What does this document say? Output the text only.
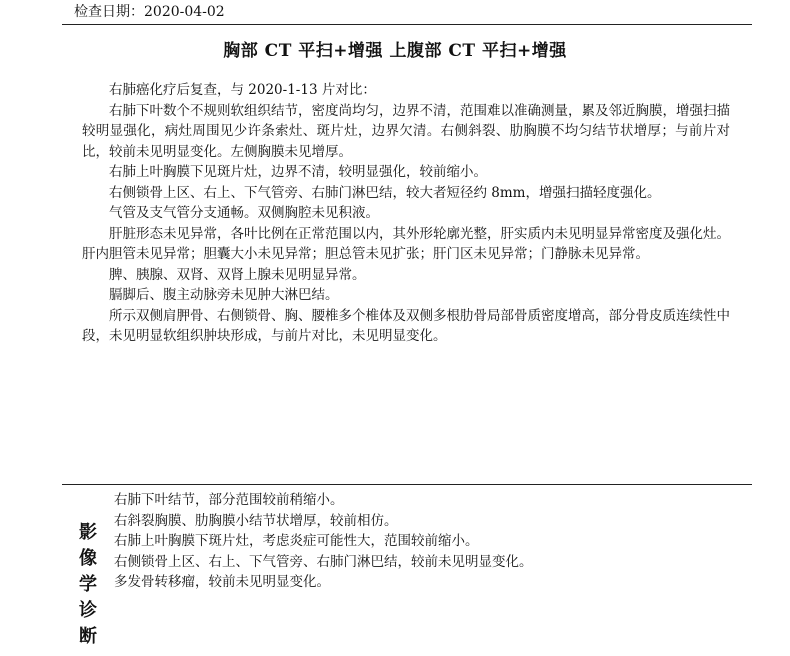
检查日期：2020-04-02
胸部 CT 平扫+增强 上腹部 CT 平扫+增强

右肺癌化疗后复查，与 2020-1-13 片对比：

右肺下叶数个不规则软组织结节，密度尚均匀，边界不清，范围难以准确测量，累及邻近胸膜，增强扫描较明显强化，病灶周围见少许条索灶、斑片灶，边界欠清。右侧斜裂、肋胸膜不均匀结节状增厚；与前片对比，较前未见明显变化。左侧胸膜未见增厚。

右肺上叶胸膜下见斑片灶，边界不清，较明显强化，较前缩小。

右侧锁骨上区、右上、下气管旁、右肺门淋巴结，较大者短径约 8mm，增强扫描轻度强化。

气管及支气管分支通畅。双侧胸腔未见积液。

肝脏形态未见异常，各叶比例在正常范围以内，其外形轮廓光整，肝实质内未见明显异常密度及强化灶。肝内胆管未见异常；胆囊大小未见异常；胆总管未见扩张；肝门区未见异常；门静脉未见异常。

脾、胰腺、双肾、双肾上腺未见明显异常。

膈脚后、腹主动脉旁未见肿大淋巴结。

所示双侧肩胛骨、右侧锁骨、胸、腰椎多个椎体及双侧多根肋骨局部骨质密度增高，部分骨皮质连续性中段，未见明显软组织肿块形成，与前片对比，未见明显变化。

影
像
学
诊
断
右肺下叶结节，部分范围较前稍缩小。
右斜裂胸膜、肋胸膜小结节状增厚，较前相仿。
右肺上叶胸膜下斑片灶，考虑炎症可能性大，范围较前缩小。
右侧锁骨上区、右上、下气管旁、右肺门淋巴结，较前未见明显变化。
多发骨转移瘤，较前未见明显变化。
